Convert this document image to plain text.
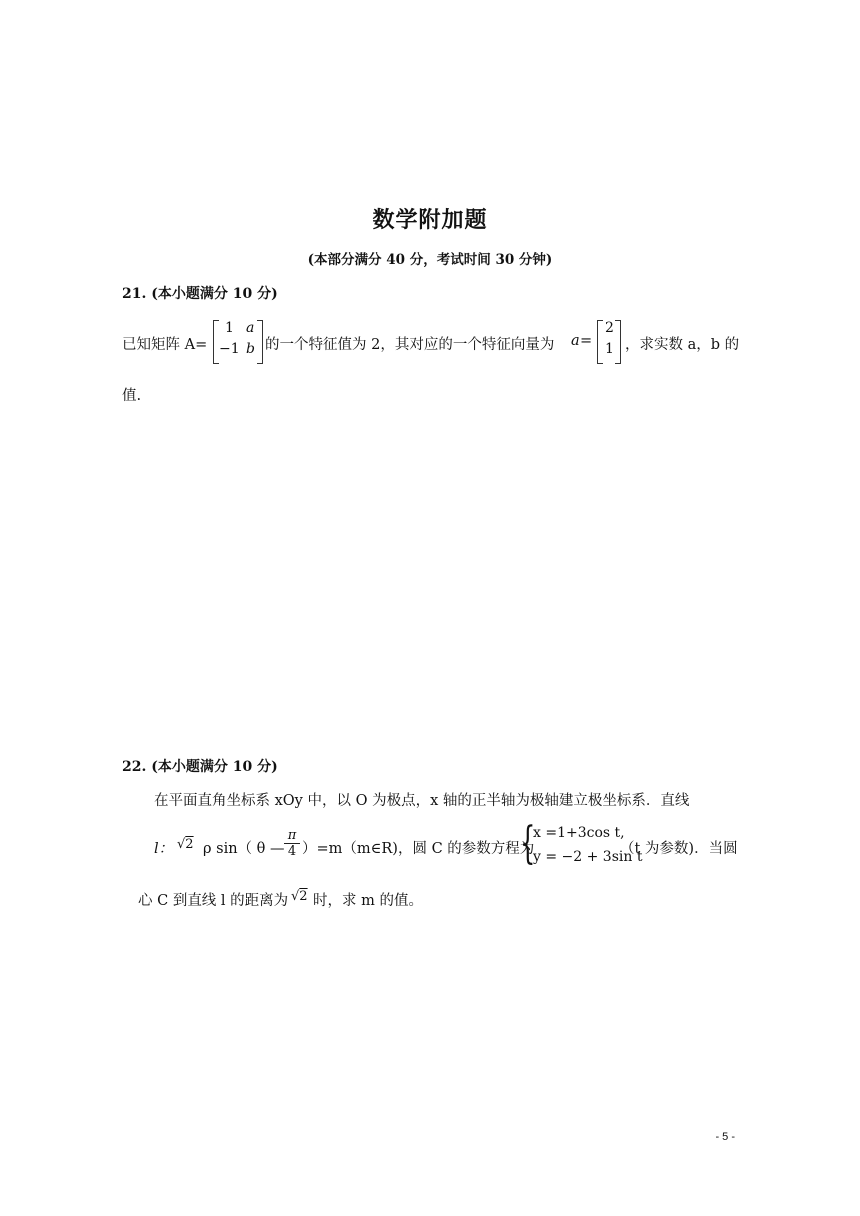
数学附加题
(本部分满分 40 分，考试时间 30 分钟)
21. (本小题满分 10 分)
已知矩阵 A=
1 a
−1 b 的一个特征值为 2，其对应的一个特征向量为 a =
2
1 ，求实数 a，b 的
值.
22. (本小题满分 10 分)
在平面直角坐标系 xOy 中，以 O 为极点，x 轴的正半轴为极轴建立极坐标系．直线
l： √2 ρ sin（ θ — $\frac{\pi}{4}$ ）=m（m∈R)，圆 C 的参数方程为
{
x =1+3cos t,
y = −2 + 3sin t
（t 为参数)．当圆
心 C 到直线 l 的距离为 √2 时，求 m 的值。
- 5 -
